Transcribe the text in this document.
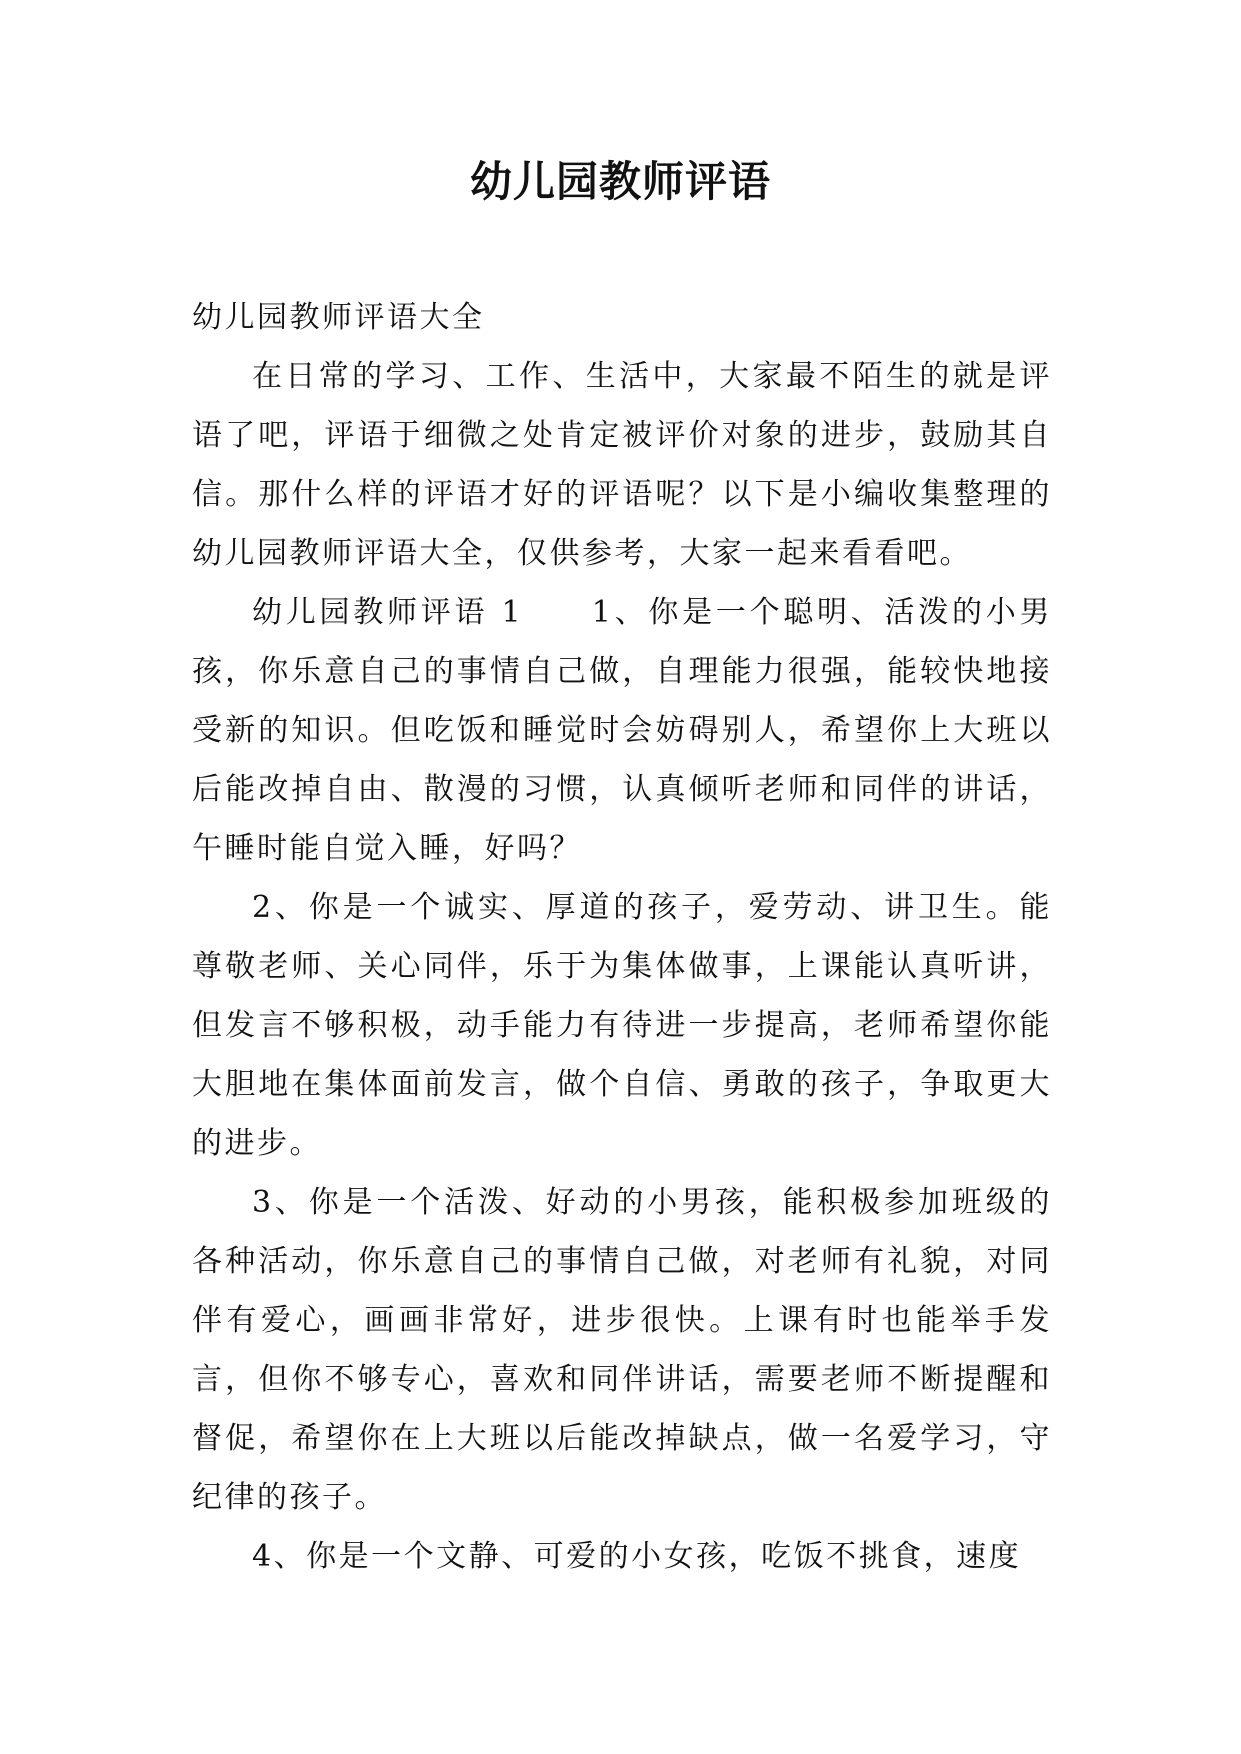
幼儿园教师评语

幼儿园教师评语大全

在日常的学习、工作、生活中，大家最不陌生的就是评语了吧，评语于细微之处肯定被评价对象的进步，鼓励其自信。那什么样的评语才好的评语呢？以下是小编收集整理的幼儿园教师评语大全，仅供参考，大家一起来看看吧。

幼儿园教师评语 1　　1、你是一个聪明、活泼的小男孩，你乐意自己的事情自己做，自理能力很强，能较快地接受新的知识。但吃饭和睡觉时会妨碍别人，希望你上大班以后能改掉自由、散漫的习惯，认真倾听老师和同伴的讲话，午睡时能自觉入睡，好吗？

2、你是一个诚实、厚道的孩子，爱劳动、讲卫生。能尊敬老师、关心同伴，乐于为集体做事，上课能认真听讲，但发言不够积极，动手能力有待进一步提高，老师希望你能大胆地在集体面前发言，做个自信、勇敢的孩子，争取更大的进步。

3、你是一个活泼、好动的小男孩，能积极参加班级的各种活动，你乐意自己的事情自己做，对老师有礼貌，对同伴有爱心，画画非常好，进步很快。上课有时也能举手发言，但你不够专心，喜欢和同伴讲话，需要老师不断提醒和督促，希望你在上大班以后能改掉缺点，做一名爱学习，守纪律的孩子。

4、你是一个文静、可爱的小女孩，吃饭不挑食，速度
